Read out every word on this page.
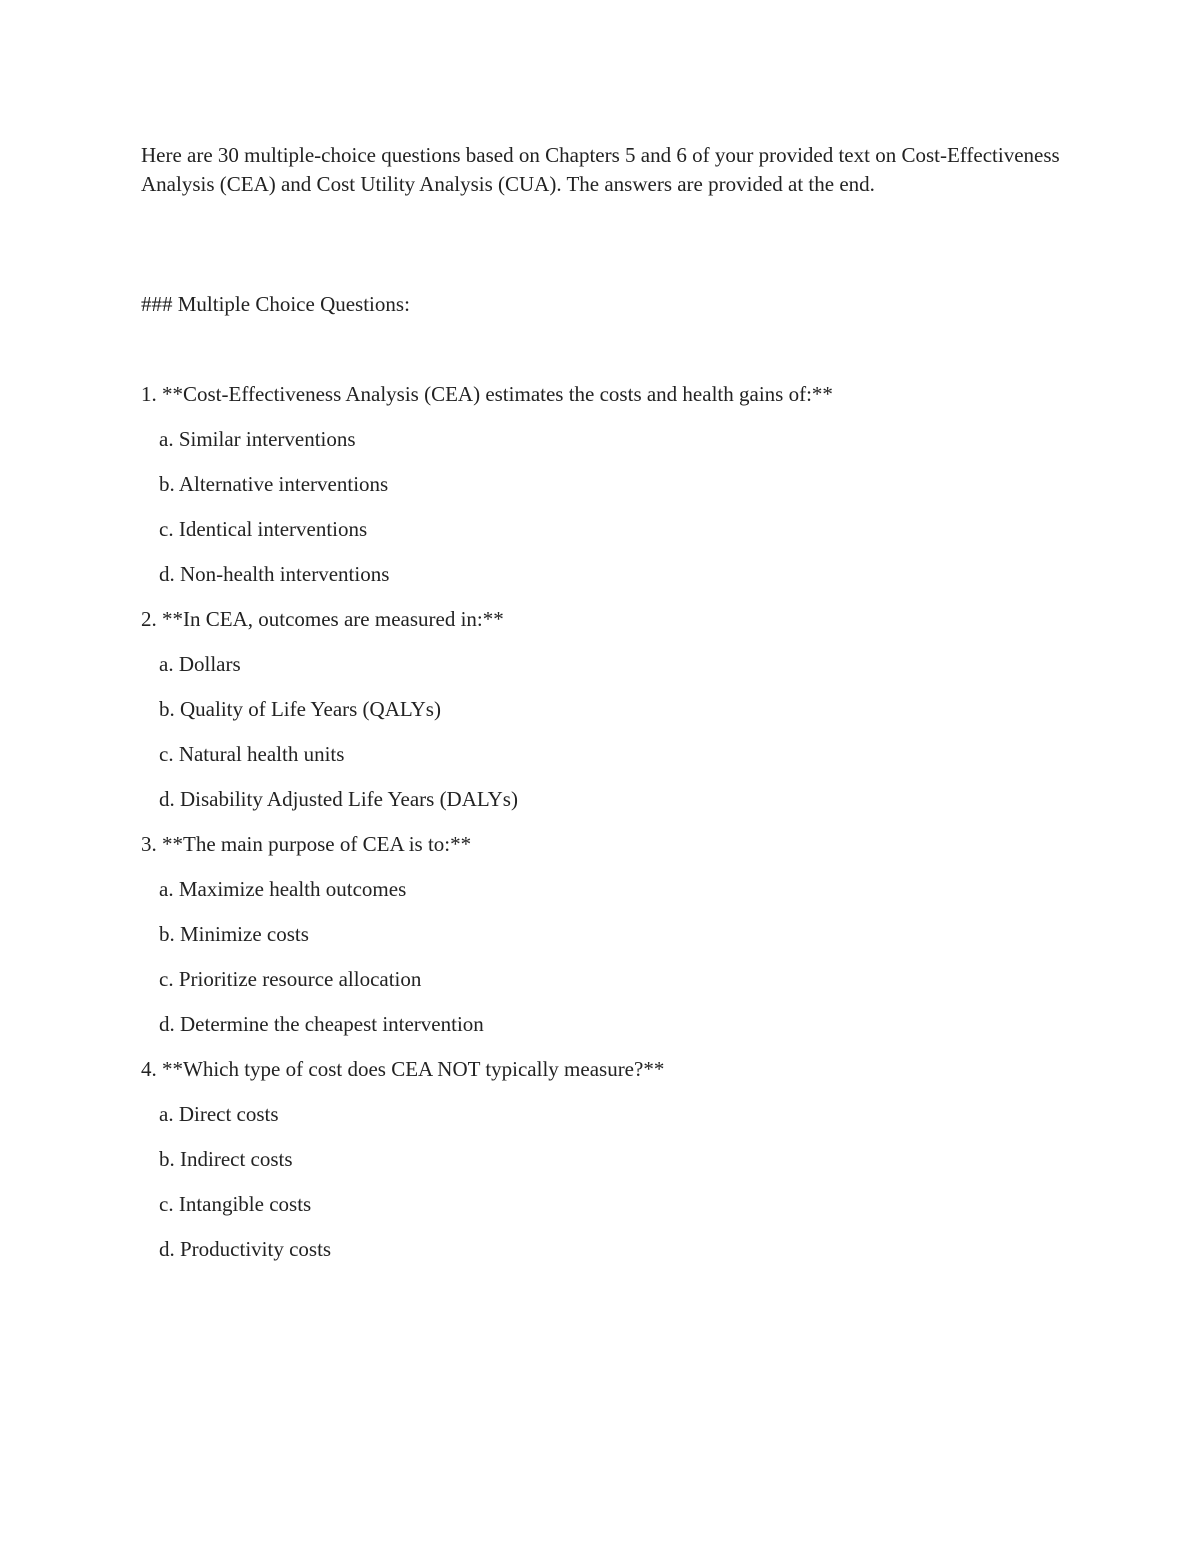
Here are 30 multiple-choice questions based on Chapters 5 and 6 of your provided text on Cost-Effectiveness Analysis (CEA) and Cost Utility Analysis (CUA). The answers are provided at the end.

### Multiple Choice Questions:
1. **Cost-Effectiveness Analysis (CEA) estimates the costs and health gains of:**
a. Similar interventions
b. Alternative interventions
c. Identical interventions
d. Non-health interventions
2. **In CEA, outcomes are measured in:**
a. Dollars
b. Quality of Life Years (QALYs)
c. Natural health units
d. Disability Adjusted Life Years (DALYs)
3. **The main purpose of CEA is to:**
a. Maximize health outcomes
b. Minimize costs
c. Prioritize resource allocation
d. Determine the cheapest intervention
4. **Which type of cost does CEA NOT typically measure?**
a. Direct costs
b. Indirect costs
c. Intangible costs
d. Productivity costs
